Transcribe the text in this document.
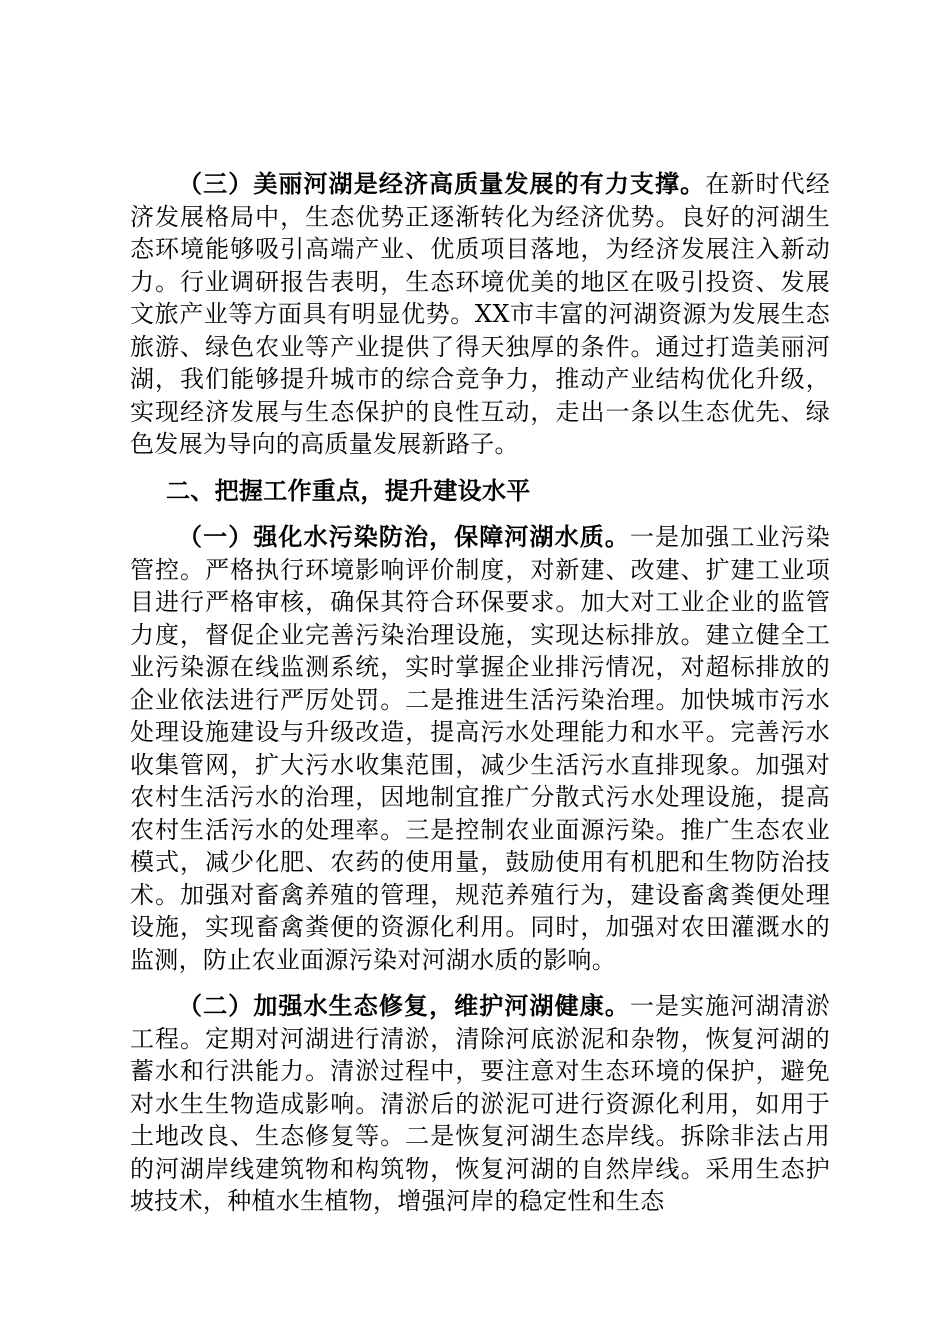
（三）美丽河湖是经济高质量发展的有力支撑。在新时代经济发展格局中，生态优势正逐渐转化为经济优势。良好的河湖生态环境能够吸引高端产业、优质项目落地，为经济发展注入新动力。行业调研报告表明，生态环境优美的地区在吸引投资、发展文旅产业等方面具有明显优势。XX市丰富的河湖资源为发展生态旅游、绿色农业等产业提供了得天独厚的条件。通过打造美丽河湖，我们能够提升城市的综合竞争力，推动产业结构优化升级，实现经济发展与生态保护的良性互动，走出一条以生态优先、绿色发展为导向的高质量发展新路子。

二、把握工作重点，提升建设水平

（一）强化水污染防治，保障河湖水质。一是加强工业污染管控。严格执行环境影响评价制度，对新建、改建、扩建工业项目进行严格审核，确保其符合环保要求。加大对工业企业的监管力度，督促企业完善污染治理设施，实现达标排放。建立健全工业污染源在线监测系统，实时掌握企业排污情况，对超标排放的企业依法进行严厉处罚。二是推进生活污染治理。加快城市污水处理设施建设与升级改造，提高污水处理能力和水平。完善污水收集管网，扩大污水收集范围，减少生活污水直排现象。加强对农村生活污水的治理，因地制宜推广分散式污水处理设施，提高农村生活污水的处理率。三是控制农业面源污染。推广生态农业模式，减少化肥、农药的使用量，鼓励使用有机肥和生物防治技术。加强对畜禽养殖的管理，规范养殖行为，建设畜禽粪便处理设施，实现畜禽粪便的资源化利用。同时，加强对农田灌溉水的监测，防止农业面源污染对河湖水质的影响。

（二）加强水生态修复，维护河湖健康。一是实施河湖清淤工程。定期对河湖进行清淤，清除河底淤泥和杂物，恢复河湖的蓄水和行洪能力。清淤过程中，要注意对生态环境的保护，避免对水生生物造成影响。清淤后的淤泥可进行资源化利用，如用于土地改良、生态修复等。二是恢复河湖生态岸线。拆除非法占用的河湖岸线建筑物和构筑物，恢复河湖的自然岸线。采用生态护坡技术，种植水生植物，增强河岸的稳定性和生态
